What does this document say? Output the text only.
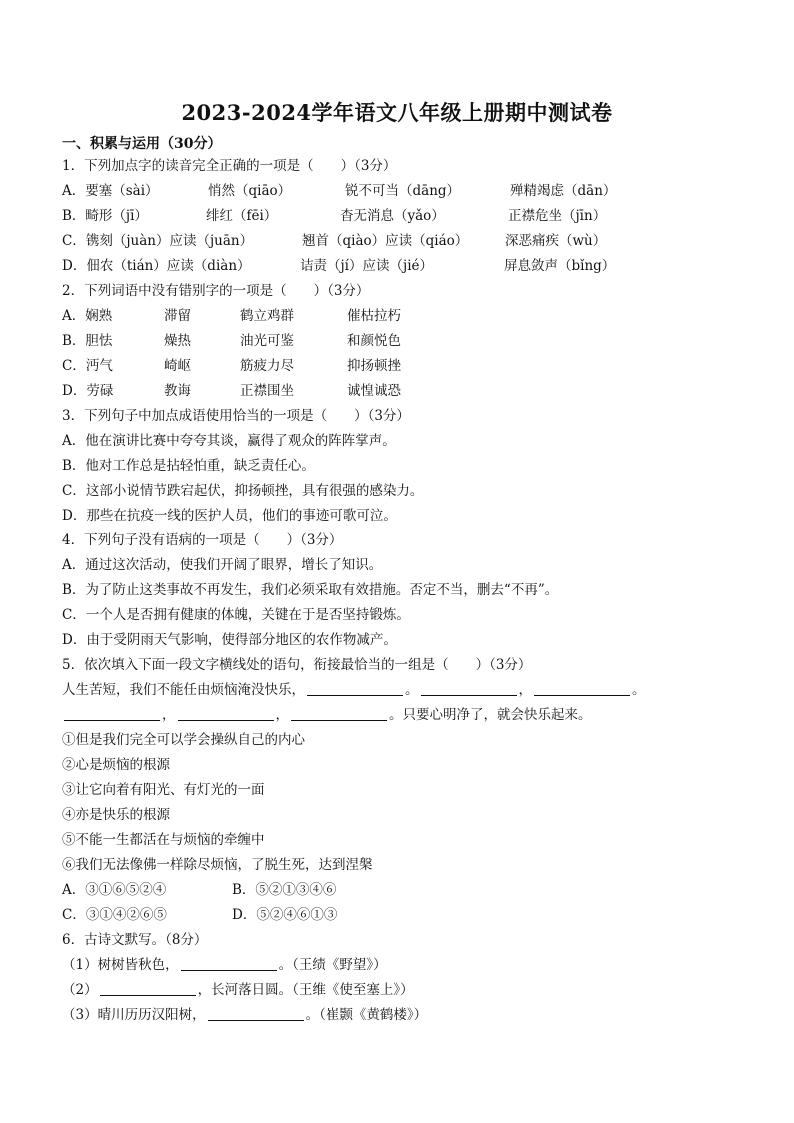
2023-2024学年语文八年级上册期中测试卷
一、积累与运用（30分）
1．下列加点字的读音完全正确的一项是（　　）（3分）
A．要塞（sài）	悄然（qiāo）	锐不可当（dāng）	殚精竭虑（dān）
B．畸形（jī）	绯红（fēi）	杳无消息（yǎo）	正襟危坐（jīn）
C．镌刻（juàn）应读（juān）	翘首（qiào）应读（qiáo）	深恶痛疾（wù）
D．佃农（tián）应读（diàn）	诘责（jí）应读（jié）	屏息敛声（bǐng）
2．下列词语中没有错别字的一项是（　　）（3分）
A．娴熟	滞留	鹤立鸡群	催枯拉朽
B．胆怯	燥热	油光可鉴	和颜悦色
C．沔气	崎岖	筋疲力尽	抑扬顿挫
D．劳碌	教诲	正襟围坐	诚惶诚恐
3．下列句子中加点成语使用恰当的一项是（　　）（3分）
A．他在演讲比赛中夸夸其谈，赢得了观众的阵阵掌声。
B．他对工作总是拈轻怕重，缺乏责任心。
C．这部小说情节跌宕起伏，抑扬顿挫，具有很强的感染力。
D．那些在抗疫一线的医护人员，他们的事迹可歌可泣。
4．下列句子没有语病的一项是（　　）（3分）
A．通过这次活动，使我们开阔了眼界，增长了知识。
B．为了防止这类事故不再发生，我们必须采取有效措施。否定不当，删去“不再”。
C．一个人是否拥有健康的体魄，关键在于是否坚持锻炼。
D．由于受阴雨天气影响，使得部分地区的农作物减产。
5．依次填入下面一段文字横线处的语句，衔接最恰当的一组是（　　）（3分）
人生苦短，我们不能任由烦恼淹没快乐，	。	，	。
，	，	。只要心明净了，就会快乐起来。
①但是我们完全可以学会操纵自己的内心
②心是烦恼的根源
③让它向着有阳光、有灯光的一面
④亦是快乐的根源
⑤不能一生都活在与烦恼的牵缠中
⑥我们无法像佛一样除尽烦恼，了脱生死，达到涅槃
A．③①⑥⑤②④	B．⑤②①③④⑥
C．③①④②⑥⑤	D．⑤②④⑥①③
6．古诗文默写。（8分）
（1）树树皆秋色，	。（王绩《野望》）
（2）	，长河落日圆。（王维《使至塞上》）
（3）晴川历历汉阳树，	。（崔颢《黄鹤楼》）
